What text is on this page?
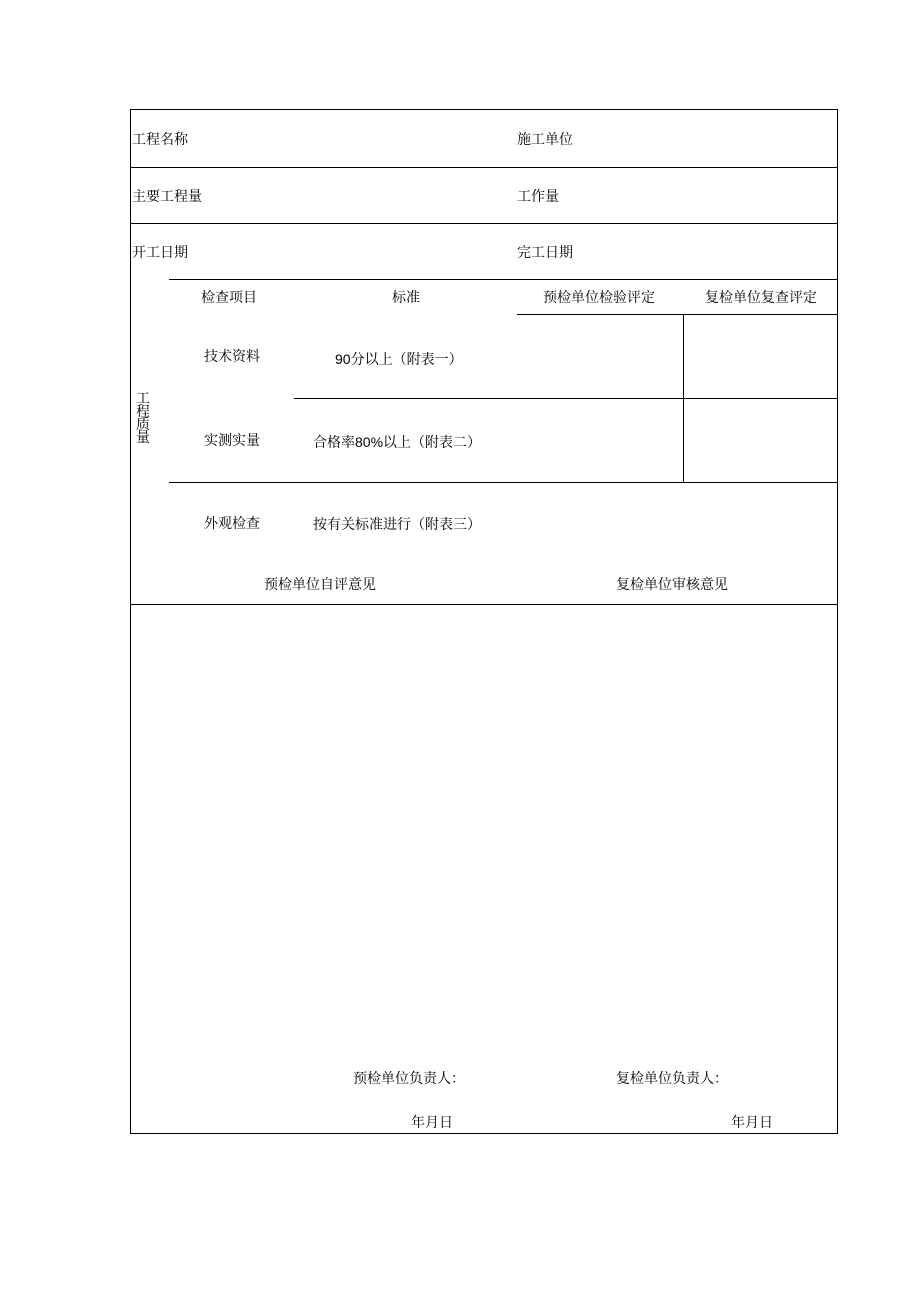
工程名称	施工单位
主要工程量	工作量
开工日期	完工日期
工
程
质
量
检查项目	标准	预检单位检验评定	复检单位复查评定
技术资料	90分以上（附表一）
实测实量	合格率80%以上（附表二）
外观检查	按有关标准进行（附表三）
预检单位自评意见	复检单位审核意见
预检单位负责人：	复检单位负责人：
年月日	年月日
